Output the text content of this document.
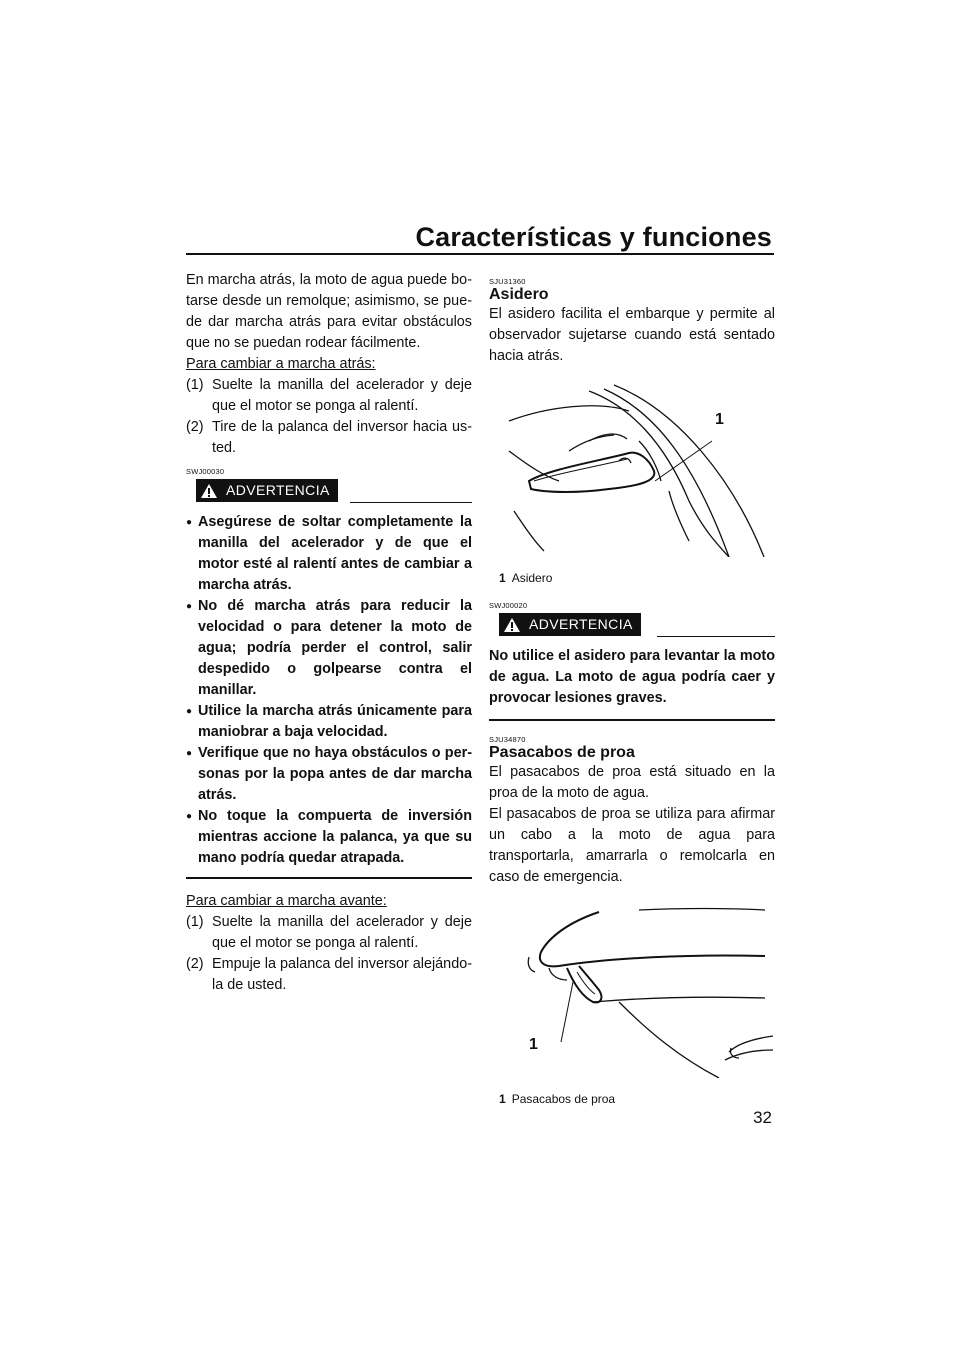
Características y funciones

En marcha atrás, la moto de agua puede botarse desde un remolque; asimismo, se puede dar marcha atrás para evitar obstáculos que no se puedan rodear fácilmente.

Para cambiar a marcha atrás:

(1) Suelte la manilla del acelerador y deje que el motor se ponga al ralentí.
(2) Tire de la palanca del inversor hacia usted.
SWJ00030
ADVERTENCIA
● Asegúrese de soltar completamente la manilla del acelerador y de que el motor esté al ralentí antes de cambiar a marcha atrás.
● No dé marcha atrás para reducir la velocidad o para detener la moto de agua; podría perder el control, salir despedido o golpearse contra el manillar.
● Utilice la marcha atrás únicamente para maniobrar a baja velocidad.
● Verifique que no haya obstáculos o personas por la popa antes de dar marcha atrás.
● No toque la compuerta de inversión mientras accione la palanca, ya que su mano podría quedar atrapada.

Para cambiar a marcha avante:

(1) Suelte la manilla del acelerador y deje que el motor se ponga al ralentí.
(2) Empuje la palanca del inversor alejándola de usted.
SJU31360
Asidero

El asidero facilita el embarque y permite al observador sujetarse cuando está sentado hacia atrás.

1
1 Asidero
SWJ00020
ADVERTENCIA

No utilice el asidero para levantar la moto de agua. La moto de agua podría caer y provocar lesiones graves.

SJU34870
Pasacabos de proa

El pasacabos de proa está situado en la proa de la moto de agua.

El pasacabos de proa se utiliza para afirmar un cabo a la moto de agua para transportarla, amarrarla o remolcarla en caso de emergencia.

1
1 Pasacabos de proa
32
